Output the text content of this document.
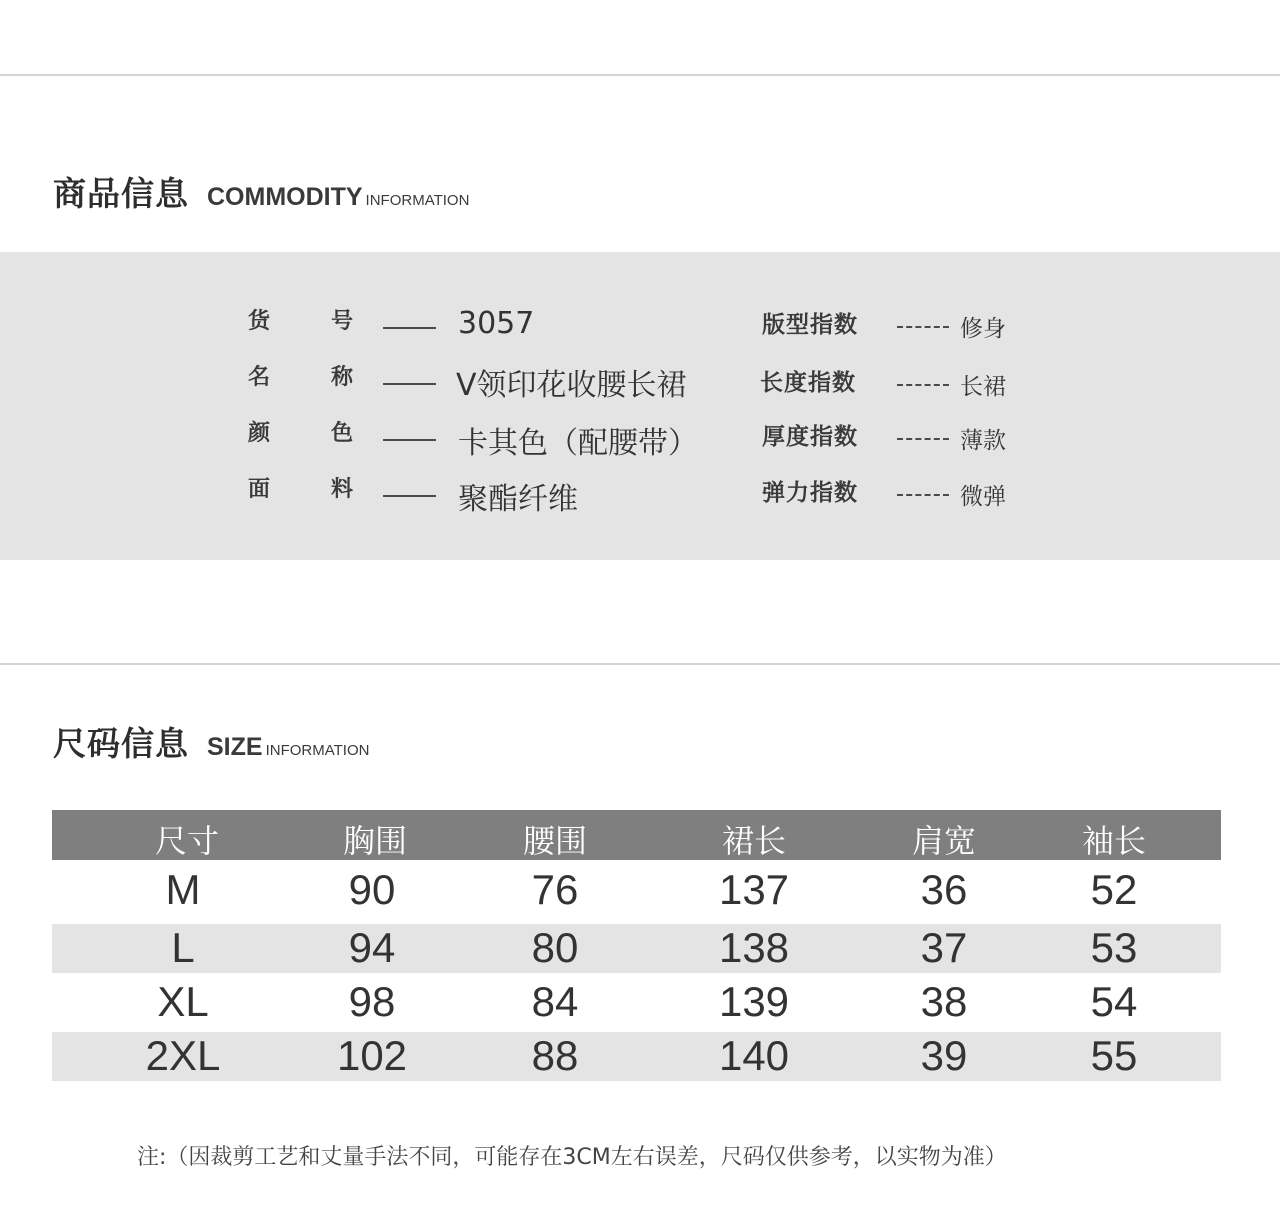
商品信息 COMMODITY INFORMATION
货	号	3057	版型指数	修身
名	称	V领印花收腰长裙	长度指数	长裙
颜	色	卡其色（配腰带）	厚度指数	薄款
面	料	聚酯纤维	弹力指数	微弹
尺码信息 SIZE INFORMATION
尺寸	胸围	腰围	裙长	肩宽	袖长
M	90	76	137	36	52
L	94	80	138	37	53
XL	98	84	139	38	54
2XL	102	88	140	39	55
注:（因裁剪工艺和丈量手法不同，可能存在3CM左右误差，尺码仅供参考，以实物为准）
